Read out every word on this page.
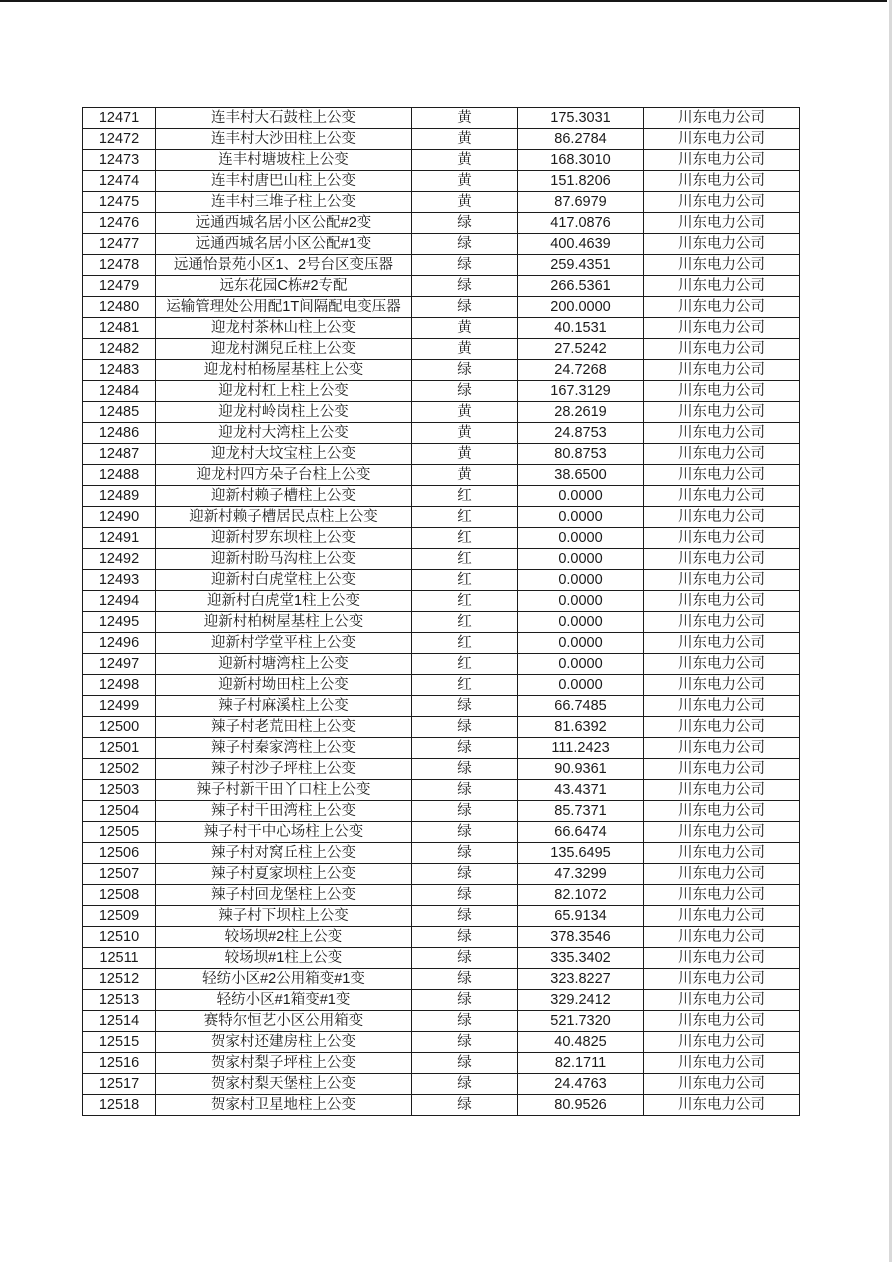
12471	连丰村大石鼓柱上公变	黄	175.3031	川东电力公司
12472	连丰村大沙田柱上公变	黄	86.2784	川东电力公司
12473	连丰村塘坡柱上公变	黄	168.3010	川东电力公司
12474	连丰村唐巴山柱上公变	黄	151.8206	川东电力公司
12475	连丰村三堆子柱上公变	黄	87.6979	川东电力公司
12476	远通西城名居小区公配#2变	绿	417.0876	川东电力公司
12477	远通西城名居小区公配#1变	绿	400.4639	川东电力公司
12478	远通怡景苑小区1、2号台区变压器	绿	259.4351	川东电力公司
12479	远东花园C栋#2专配	绿	266.5361	川东电力公司
12480	运输管理处公用配1T间隔配电变压器	绿	200.0000	川东电力公司
12481	迎龙村茶林山柱上公变	黄	40.1531	川东电力公司
12482	迎龙村渊兒丘柱上公变	黄	27.5242	川东电力公司
12483	迎龙村柏杨屋基柱上公变	绿	24.7268	川东电力公司
12484	迎龙村杠上柱上公变	绿	167.3129	川东电力公司
12485	迎龙村岭岗柱上公变	黄	28.2619	川东电力公司
12486	迎龙村大湾柱上公变	黄	24.8753	川东电力公司
12487	迎龙村大坟宝柱上公变	黄	80.8753	川东电力公司
12488	迎龙村四方朵子台柱上公变	黄	38.6500	川东电力公司
12489	迎新村赖子槽柱上公变	红	0.0000	川东电力公司
12490	迎新村赖子槽居民点柱上公变	红	0.0000	川东电力公司
12491	迎新村罗东坝柱上公变	红	0.0000	川东电力公司
12492	迎新村盼马沟柱上公变	红	0.0000	川东电力公司
12493	迎新村白虎堂柱上公变	红	0.0000	川东电力公司
12494	迎新村白虎堂1柱上公变	红	0.0000	川东电力公司
12495	迎新村柏树屋基柱上公变	红	0.0000	川东电力公司
12496	迎新村学堂平柱上公变	红	0.0000	川东电力公司
12497	迎新村塘湾柱上公变	红	0.0000	川东电力公司
12498	迎新村坳田柱上公变	红	0.0000	川东电力公司
12499	辣子村麻溪柱上公变	绿	66.7485	川东电力公司
12500	辣子村老荒田柱上公变	绿	81.6392	川东电力公司
12501	辣子村秦家湾柱上公变	绿	111.2423	川东电力公司
12502	辣子村沙子坪柱上公变	绿	90.9361	川东电力公司
12503	辣子村新干田丫口柱上公变	绿	43.4371	川东电力公司
12504	辣子村干田湾柱上公变	绿	85.7371	川东电力公司
12505	辣子村干中心场柱上公变	绿	66.6474	川东电力公司
12506	辣子村对窝丘柱上公变	绿	135.6495	川东电力公司
12507	辣子村夏家坝柱上公变	绿	47.3299	川东电力公司
12508	辣子村回龙堡柱上公变	绿	82.1072	川东电力公司
12509	辣子村下坝柱上公变	绿	65.9134	川东电力公司
12510	较场坝#2柱上公变	绿	378.3546	川东电力公司
12511	较场坝#1柱上公变	绿	335.3402	川东电力公司
12512	轻纺小区#2公用箱变#1变	绿	323.8227	川东电力公司
12513	轻纺小区#1箱变#1变	绿	329.2412	川东电力公司
12514	赛特尔恒艺小区公用箱变	绿	521.7320	川东电力公司
12515	贺家村还建房柱上公变	绿	40.4825	川东电力公司
12516	贺家村梨子坪柱上公变	绿	82.1711	川东电力公司
12517	贺家村梨天堡柱上公变	绿	24.4763	川东电力公司
12518	贺家村卫星地柱上公变	绿	80.9526	川东电力公司
